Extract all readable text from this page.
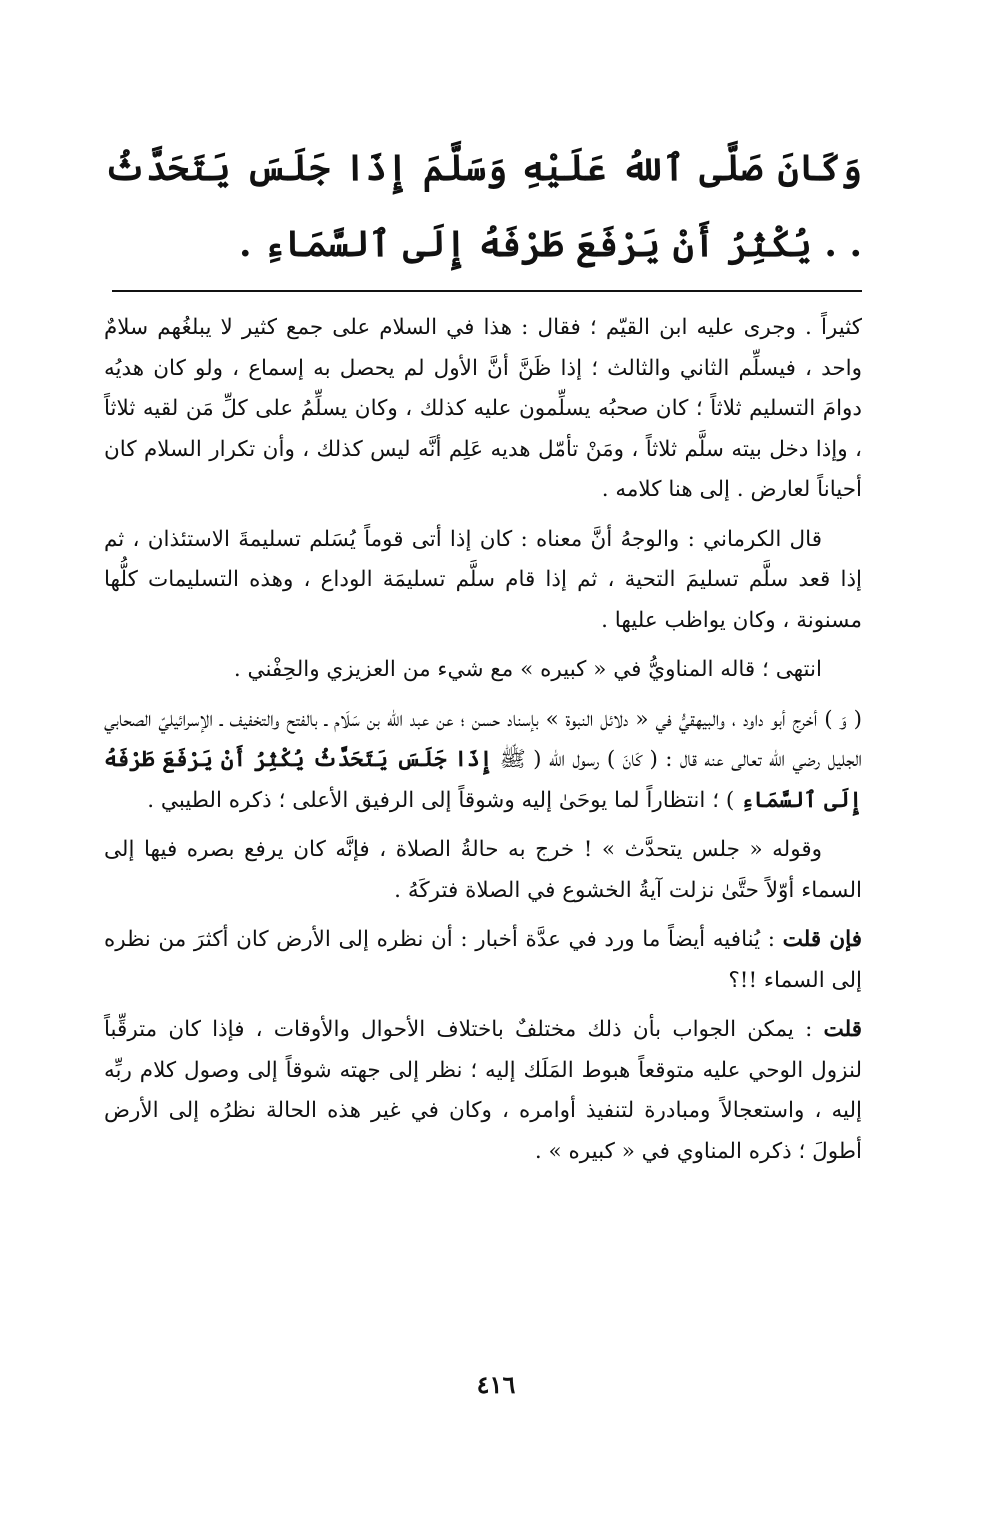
وَكَانَ صَلَّى ٱللهُ عَلَيْهِ وَسَلَّمَ إِذَا جَلَسَ يَتَحَدَّثُ . . يُكْثِرُ أَنْ يَرْفَعَ طَرْفَهُ إِلَى ٱلسَّمَاءِ .

كثيراً . وجرى عليه ابن القيّم ؛ فقال : هذا في السلام على جمع كثير لا يبلغُهم سلامٌ واحد ، فيسلِّم الثاني والثالث ؛ إذا ظَنَّ أنَّ الأول لم يحصل به إسماع ، ولو كان هديُه دوامَ التسليم ثلاثاً ؛ كان صحبُه يسلِّمون عليه كذلك ، وكان يسلِّمُ على كلِّ مَن لقيه ثلاثاً ، وإذا دخل بيته سلَّم ثلاثاً ، ومَنْ تأمّل هديه عَلِم أنَّه ليس كذلك ، وأن تكرار السلام كان أحياناً لعارض . إلى هنا كلامه .

قال الكرماني : والوجهُ أنَّ معناه : كان إذا أتى قوماً يُسَلم تسليمةَ الاستئذان ، ثم إذا قعد سلَّم تسليمَ التحية ، ثم إذا قام سلَّم تسليمَة الوداع ، وهذه التسليمات كلُّها مسنونة ، وكان يواظب عليها .

انتهى ؛ قاله المناويُّ في « كبيره » مع شيء من العزيزي والحِفْني .

( وَ ) أخرج أبو داود ، والبيهقيُّ في « دلائل النبوة » بإسناد حسن ؛ عن عبد الله بن سَلَام ـ بالفتح والتخفيف ـ الإسرائيليّ الصحابي الجليل رضي الله تعالى عنه قال : ( كَانَ ) رسول الله ( ﷺ إِذَا جَلَسَ يَتَحَدَّثُ يُكْثِرُ أَنْ يَرْفَعَ طَرْفَهُ إِلَى ٱلسَّمَاءِ ) ؛ انتظاراً لما يوحَىٰ إليه وشوقاً إلى الرفيق الأعلى ؛ ذكره الطيبي .

وقوله « جلس يتحدَّث » ! خرج به حالةُ الصلاة ، فإنَّه كان يرفع بصره فيها إلى السماء أوّلاً حتَّىٰ نزلت آيةُ الخشوع في الصلاة فتركَهُ .

فإن قلت : يُنافيه أيضاً ما ورد في عدَّة أخبار : أن نظره إلى الأرض كان أكثرَ من نظره إلى السماء !!؟

قلت : يمكن الجواب بأن ذلك مختلفٌ باختلاف الأحوال والأوقات ، فإذا كان مترقِّباً لنزول الوحي عليه متوقعاً هبوط المَلَك إليه ؛ نظر إلى جهته شوقاً إلى وصول كلام ربِّه إليه ، واستعجالاً ومبادرة لتنفيذ أوامره ، وكان في غير هذه الحالة نظرُه إلى الأرض أطولَ ؛ ذكره المناوي في « كبيره » .

٤١٦
